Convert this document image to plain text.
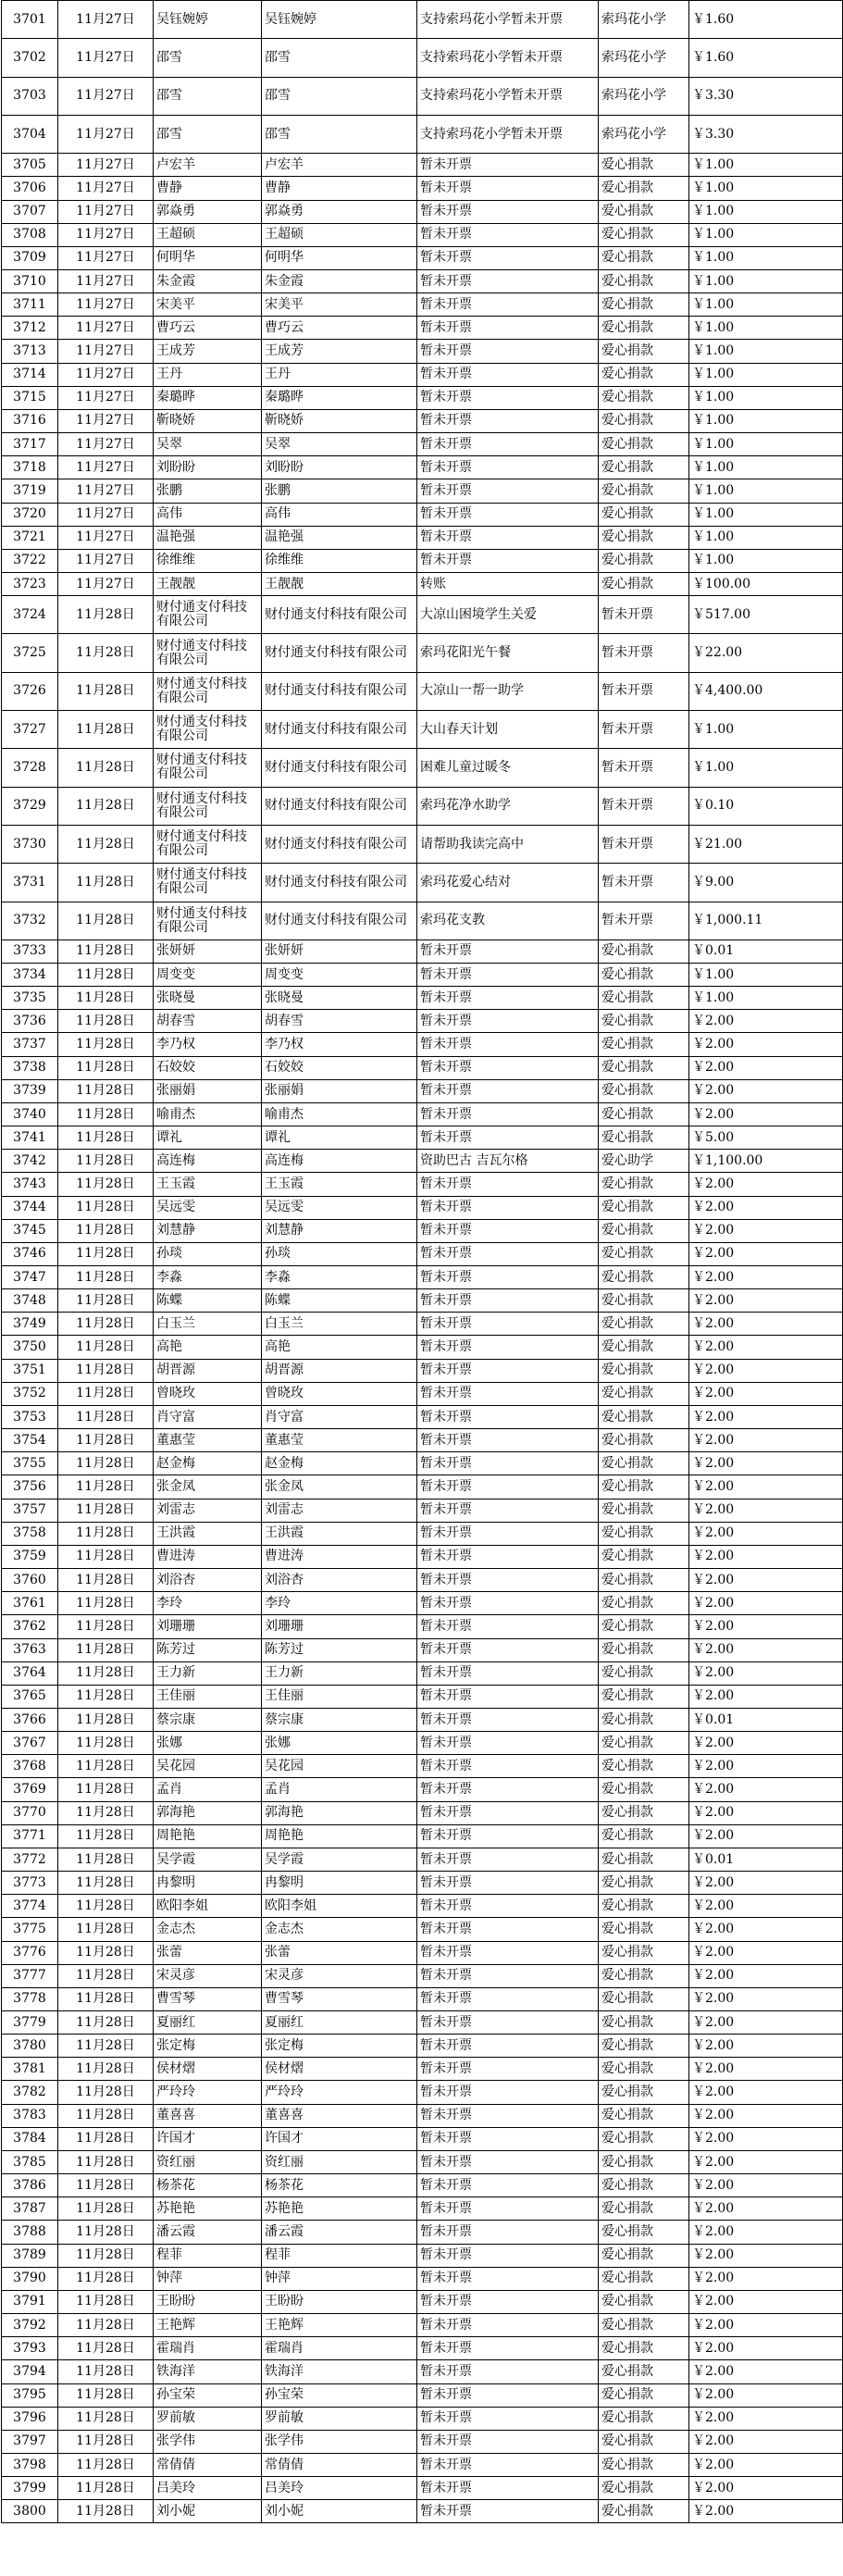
3701	11月27日	吴钰婉婷	吴钰婉婷	支持索玛花小学暂未开票	索玛花小学	￥1.60
3702	11月27日	邵雪	邵雪	支持索玛花小学暂未开票	索玛花小学	￥1.60
3703	11月27日	邵雪	邵雪	支持索玛花小学暂未开票	索玛花小学	￥3.30
3704	11月27日	邵雪	邵雪	支持索玛花小学暂未开票	索玛花小学	￥3.30
3705	11月27日	卢宏羊	卢宏羊	暂未开票	爱心捐款	￥1.00
3706	11月27日	曹静	曹静	暂未开票	爱心捐款	￥1.00
3707	11月27日	郭焱勇	郭焱勇	暂未开票	爱心捐款	￥1.00
3708	11月27日	王超硕	王超硕	暂未开票	爱心捐款	￥1.00
3709	11月27日	何明华	何明华	暂未开票	爱心捐款	￥1.00
3710	11月27日	朱金霞	朱金霞	暂未开票	爱心捐款	￥1.00
3711	11月27日	宋美平	宋美平	暂未开票	爱心捐款	￥1.00
3712	11月27日	曹巧云	曹巧云	暂未开票	爱心捐款	￥1.00
3713	11月27日	王成芳	王成芳	暂未开票	爱心捐款	￥1.00
3714	11月27日	王丹	王丹	暂未开票	爱心捐款	￥1.00
3715	11月27日	秦璐晔	秦璐晔	暂未开票	爱心捐款	￥1.00
3716	11月27日	靳晓娇	靳晓娇	暂未开票	爱心捐款	￥1.00
3717	11月27日	吴翠	吴翠	暂未开票	爱心捐款	￥1.00
3718	11月27日	刘盼盼	刘盼盼	暂未开票	爱心捐款	￥1.00
3719	11月27日	张鹏	张鹏	暂未开票	爱心捐款	￥1.00
3720	11月27日	高伟	高伟	暂未开票	爱心捐款	￥1.00
3721	11月27日	温艳强	温艳强	暂未开票	爱心捐款	￥1.00
3722	11月27日	徐维维	徐维维	暂未开票	爱心捐款	￥1.00
3723	11月27日	王靓靓	王靓靓	转账	爱心捐款	￥100.00
3724	11月28日	财付通支付科技有限公司	财付通支付科技有限公司	大凉山困境学生关爱	暂未开票	￥517.00
3725	11月28日	财付通支付科技有限公司	财付通支付科技有限公司	索玛花阳光午餐	暂未开票	￥22.00
3726	11月28日	财付通支付科技有限公司	财付通支付科技有限公司	大凉山一帮一助学	暂未开票	￥4,400.00
3727	11月28日	财付通支付科技有限公司	财付通支付科技有限公司	大山春天计划	暂未开票	￥1.00
3728	11月28日	财付通支付科技有限公司	财付通支付科技有限公司	困难儿童过暖冬	暂未开票	￥1.00
3729	11月28日	财付通支付科技有限公司	财付通支付科技有限公司	索玛花净水助学	暂未开票	￥0.10
3730	11月28日	财付通支付科技有限公司	财付通支付科技有限公司	请帮助我读完高中	暂未开票	￥21.00
3731	11月28日	财付通支付科技有限公司	财付通支付科技有限公司	索玛花爱心结对	暂未开票	￥9.00
3732	11月28日	财付通支付科技有限公司	财付通支付科技有限公司	索玛花支教	暂未开票	￥1,000.11
3733	11月28日	张妍妍	张妍妍	暂未开票	爱心捐款	￥0.01
3734	11月28日	周变变	周变变	暂未开票	爱心捐款	￥1.00
3735	11月28日	张晓曼	张晓曼	暂未开票	爱心捐款	￥1.00
3736	11月28日	胡春雪	胡春雪	暂未开票	爱心捐款	￥2.00
3737	11月28日	李乃权	李乃权	暂未开票	爱心捐款	￥2.00
3738	11月28日	石姣姣	石姣姣	暂未开票	爱心捐款	￥2.00
3739	11月28日	张丽娟	张丽娟	暂未开票	爱心捐款	￥2.00
3740	11月28日	喻甫杰	喻甫杰	暂未开票	爱心捐款	￥2.00
3741	11月28日	谭礼	谭礼	暂未开票	爱心捐款	￥5.00
3742	11月28日	高连梅	高连梅	资助巴古 吉瓦尔格	爱心助学	￥1,100.00
3743	11月28日	王玉霞	王玉霞	暂未开票	爱心捐款	￥2.00
3744	11月28日	吴远雯	吴远雯	暂未开票	爱心捐款	￥2.00
3745	11月28日	刘慧静	刘慧静	暂未开票	爱心捐款	￥2.00
3746	11月28日	孙琰	孙琰	暂未开票	爱心捐款	￥2.00
3747	11月28日	李淼	李淼	暂未开票	爱心捐款	￥2.00
3748	11月28日	陈蝶	陈蝶	暂未开票	爱心捐款	￥2.00
3749	11月28日	白玉兰	白玉兰	暂未开票	爱心捐款	￥2.00
3750	11月28日	高艳	高艳	暂未开票	爱心捐款	￥2.00
3751	11月28日	胡晋源	胡晋源	暂未开票	爱心捐款	￥2.00
3752	11月28日	曾晓玫	曾晓玫	暂未开票	爱心捐款	￥2.00
3753	11月28日	肖守富	肖守富	暂未开票	爱心捐款	￥2.00
3754	11月28日	董惠莹	董惠莹	暂未开票	爱心捐款	￥2.00
3755	11月28日	赵金梅	赵金梅	暂未开票	爱心捐款	￥2.00
3756	11月28日	张金凤	张金凤	暂未开票	爱心捐款	￥2.00
3757	11月28日	刘雷志	刘雷志	暂未开票	爱心捐款	￥2.00
3758	11月28日	王洪霞	王洪霞	暂未开票	爱心捐款	￥2.00
3759	11月28日	曹进涛	曹进涛	暂未开票	爱心捐款	￥2.00
3760	11月28日	刘浴杏	刘浴杏	暂未开票	爱心捐款	￥2.00
3761	11月28日	李玲	李玲	暂未开票	爱心捐款	￥2.00
3762	11月28日	刘珊珊	刘珊珊	暂未开票	爱心捐款	￥2.00
3763	11月28日	陈芳过	陈芳过	暂未开票	爱心捐款	￥2.00
3764	11月28日	王力新	王力新	暂未开票	爱心捐款	￥2.00
3765	11月28日	王佳丽	王佳丽	暂未开票	爱心捐款	￥2.00
3766	11月28日	蔡宗康	蔡宗康	暂未开票	爱心捐款	￥0.01
3767	11月28日	张娜	张娜	暂未开票	爱心捐款	￥2.00
3768	11月28日	吴花园	吴花园	暂未开票	爱心捐款	￥2.00
3769	11月28日	孟肖	孟肖	暂未开票	爱心捐款	￥2.00
3770	11月28日	郭海艳	郭海艳	暂未开票	爱心捐款	￥2.00
3771	11月28日	周艳艳	周艳艳	暂未开票	爱心捐款	￥2.00
3772	11月28日	吴学霞	吴学霞	暂未开票	爱心捐款	￥0.01
3773	11月28日	冉黎明	冉黎明	暂未开票	爱心捐款	￥2.00
3774	11月28日	欧阳李姐	欧阳李姐	暂未开票	爱心捐款	￥2.00
3775	11月28日	金志杰	金志杰	暂未开票	爱心捐款	￥2.00
3776	11月28日	张蕾	张蕾	暂未开票	爱心捐款	￥2.00
3777	11月28日	宋灵彦	宋灵彦	暂未开票	爱心捐款	￥2.00
3778	11月28日	曹雪琴	曹雪琴	暂未开票	爱心捐款	￥2.00
3779	11月28日	夏丽红	夏丽红	暂未开票	爱心捐款	￥2.00
3780	11月28日	张定梅	张定梅	暂未开票	爱心捐款	￥2.00
3781	11月28日	侯材熠	侯材熠	暂未开票	爱心捐款	￥2.00
3782	11月28日	严玲玲	严玲玲	暂未开票	爱心捐款	￥2.00
3783	11月28日	董喜喜	董喜喜	暂未开票	爱心捐款	￥2.00
3784	11月28日	许国才	许国才	暂未开票	爱心捐款	￥2.00
3785	11月28日	资红丽	资红丽	暂未开票	爱心捐款	￥2.00
3786	11月28日	杨茶花	杨茶花	暂未开票	爱心捐款	￥2.00
3787	11月28日	苏艳艳	苏艳艳	暂未开票	爱心捐款	￥2.00
3788	11月28日	潘云霞	潘云霞	暂未开票	爱心捐款	￥2.00
3789	11月28日	程菲	程菲	暂未开票	爱心捐款	￥2.00
3790	11月28日	钟萍	钟萍	暂未开票	爱心捐款	￥2.00
3791	11月28日	王盼盼	王盼盼	暂未开票	爱心捐款	￥2.00
3792	11月28日	王艳辉	王艳辉	暂未开票	爱心捐款	￥2.00
3793	11月28日	霍瑞肖	霍瑞肖	暂未开票	爱心捐款	￥2.00
3794	11月28日	铁海洋	铁海洋	暂未开票	爱心捐款	￥2.00
3795	11月28日	孙宝荣	孙宝荣	暂未开票	爱心捐款	￥2.00
3796	11月28日	罗前敏	罗前敏	暂未开票	爱心捐款	￥2.00
3797	11月28日	张学伟	张学伟	暂未开票	爱心捐款	￥2.00
3798	11月28日	常倩倩	常倩倩	暂未开票	爱心捐款	￥2.00
3799	11月28日	吕美玲	吕美玲	暂未开票	爱心捐款	￥2.00
3800	11月28日	刘小妮	刘小妮	暂未开票	爱心捐款	￥2.00
